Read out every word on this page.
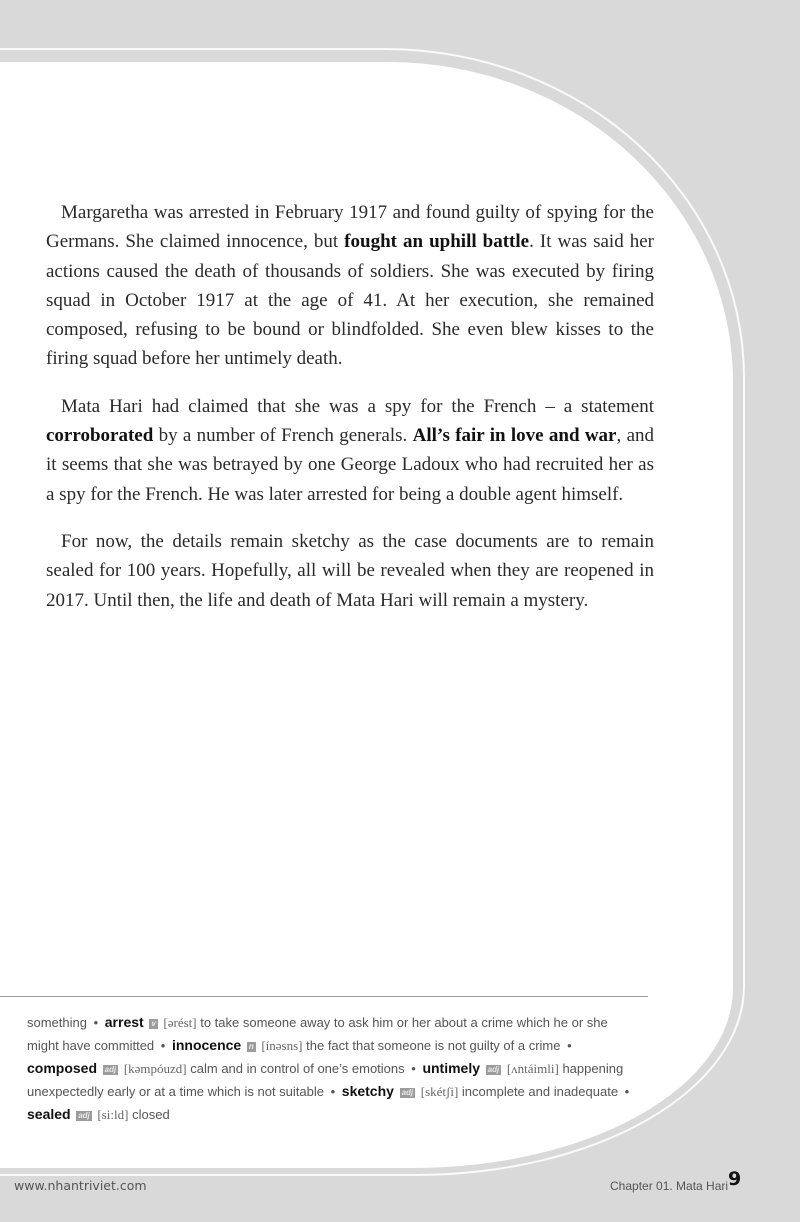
Margaretha was arrested in February 1917 and found guilty of spying for the Germans. She claimed innocence, but fought an uphill battle. It was said her actions caused the death of thousands of soldiers. She was executed by firing squad in October 1917 at the age of 41. At her execution, she remained composed, refusing to be bound or blindfolded. She even blew kisses to the firing squad before her untimely death.

Mata Hari had claimed that she was a spy for the French – a statement corroborated by a number of French generals. All’s fair in love and war, and it seems that she was betrayed by one George Ladoux who had recruited her as a spy for the French. He was later arrested for being a double agent himself.

For now, the details remain sketchy as the case documents are to remain sealed for 100 years. Hopefully, all will be revealed when they are reopened in 2017. Until then, the life and death of Mata Hari will remain a mystery.

something • arrest v [ərést] to take someone away to ask him or her about a crime which he or she might have committed • innocence n [ínəsns] the fact that someone is not guilty of a crime • composed adj [kəmpóuzd] calm and in control of one’s emotions • untimely adj [ʌntáimli] happening unexpectedly early or at a time which is not suitable • sketchy adj [skétʃi] incomplete and inadequate • sealed adj [si:ld] closed
www.nhantriviet.com	Chapter 01. Mata Hari 9
